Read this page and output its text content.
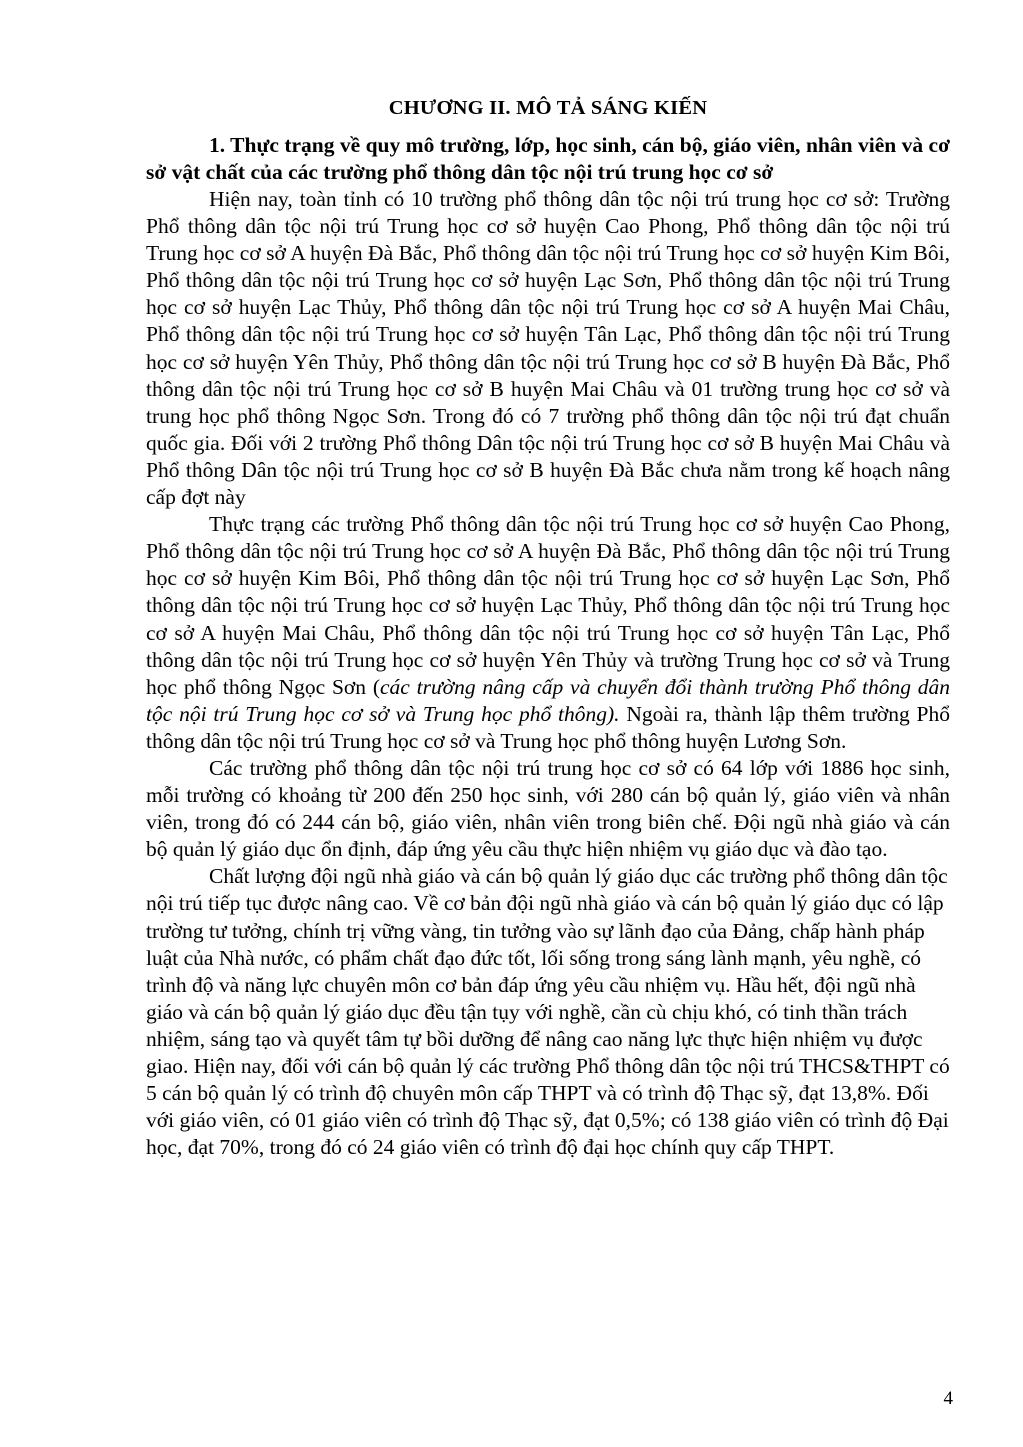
CHƯƠNG II. MÔ TẢ SÁNG KIẾN

1. Thực trạng về quy mô trường, lớp, học sinh, cán bộ, giáo viên, nhân viên và cơ sở vật chất của các trường phổ thông dân tộc nội trú trung học cơ sở

Hiện nay, toàn tỉnh có 10 trường phổ thông dân tộc nội trú trung học cơ sở: Trường Phổ thông dân tộc nội trú Trung học cơ sở huyện Cao Phong, Phổ thông dân tộc nội trú Trung học cơ sở A huyện Đà Bắc, Phổ thông dân tộc nội trú Trung học cơ sở huyện Kim Bôi, Phổ thông dân tộc nội trú Trung học cơ sở huyện Lạc Sơn, Phổ thông dân tộc nội trú Trung học cơ sở huyện Lạc Thủy, Phổ thông dân tộc nội trú Trung học cơ sở A huyện Mai Châu, Phổ thông dân tộc nội trú Trung học cơ sở huyện Tân Lạc, Phổ thông dân tộc nội trú Trung học cơ sở huyện Yên Thủy, Phổ thông dân tộc nội trú Trung học cơ sở B huyện Đà Bắc, Phổ thông dân tộc nội trú Trung học cơ sở B huyện Mai Châu và 01 trường trung học cơ sở và trung học phổ thông Ngọc Sơn. Trong đó có 7 trường phổ thông dân tộc nội trú đạt chuẩn quốc gia. Đối với 2 trường Phổ thông Dân tộc nội trú Trung học cơ sở B huyện Mai Châu và Phổ thông Dân tộc nội trú Trung học cơ sở B huyện Đà Bắc chưa nằm trong kế hoạch nâng cấp đợt này

Thực trạng các trường Phổ thông dân tộc nội trú Trung học cơ sở huyện Cao Phong, Phổ thông dân tộc nội trú Trung học cơ sở A huyện Đà Bắc, Phổ thông dân tộc nội trú Trung học cơ sở huyện Kim Bôi, Phổ thông dân tộc nội trú Trung học cơ sở huyện Lạc Sơn, Phổ thông dân tộc nội trú Trung học cơ sở huyện Lạc Thủy, Phổ thông dân tộc nội trú Trung học cơ sở A huyện Mai Châu, Phổ thông dân tộc nội trú Trung học cơ sở huyện Tân Lạc, Phổ thông dân tộc nội trú Trung học cơ sở huyện Yên Thủy và trường Trung học cơ sở và Trung học phổ thông Ngọc Sơn (các trường nâng cấp và chuyển đổi thành trường Phổ thông dân tộc nội trú Trung học cơ sở và Trung học phổ thông). Ngoài ra, thành lập thêm trường Phổ thông dân tộc nội trú Trung học cơ sở và Trung học phổ thông huyện Lương Sơn.

Các trường phổ thông dân tộc nội trú trung học cơ sở có 64 lớp với 1886 học sinh, mỗi trường có khoảng từ 200 đến 250 học sinh, với 280 cán bộ quản lý, giáo viên và nhân viên, trong đó có 244 cán bộ, giáo viên, nhân viên trong biên chế. Đội ngũ nhà giáo và cán bộ quản lý giáo dục ổn định, đáp ứng yêu cầu thực hiện nhiệm vụ giáo dục và đào tạo.

Chất lượng đội ngũ nhà giáo và cán bộ quản lý giáo dục các trường phổ thông dân tộc nội trú tiếp tục được nâng cao. Về cơ bản đội ngũ nhà giáo và cán bộ quản lý giáo dục có lập trường tư tưởng, chính trị vững vàng, tin tưởng vào sự lãnh đạo của Đảng, chấp hành pháp luật của Nhà nước, có phẩm chất đạo đức tốt, lối sống trong sáng lành mạnh, yêu nghề, có trình độ và năng lực chuyên môn cơ bản đáp ứng yêu cầu nhiệm vụ. Hầu hết, đội ngũ nhà giáo và cán bộ quản lý giáo dục đều tận tụy với nghề, cần cù chịu khó, có tinh thần trách nhiệm, sáng tạo và quyết tâm tự bồi dưỡng để nâng cao năng lực thực hiện nhiệm vụ được giao. Hiện nay, đối với cán bộ quản lý các trường Phổ thông dân tộc nội trú THCS&THPT có 5 cán bộ quản lý có trình độ chuyên môn cấp THPT và có trình độ Thạc sỹ, đạt 13,8%. Đối với giáo viên, có 01 giáo viên có trình độ Thạc sỹ, đạt 0,5%; có 138 giáo viên có trình độ Đại học, đạt 70%, trong đó có 24 giáo viên có trình độ đại học chính quy cấp THPT.

4
